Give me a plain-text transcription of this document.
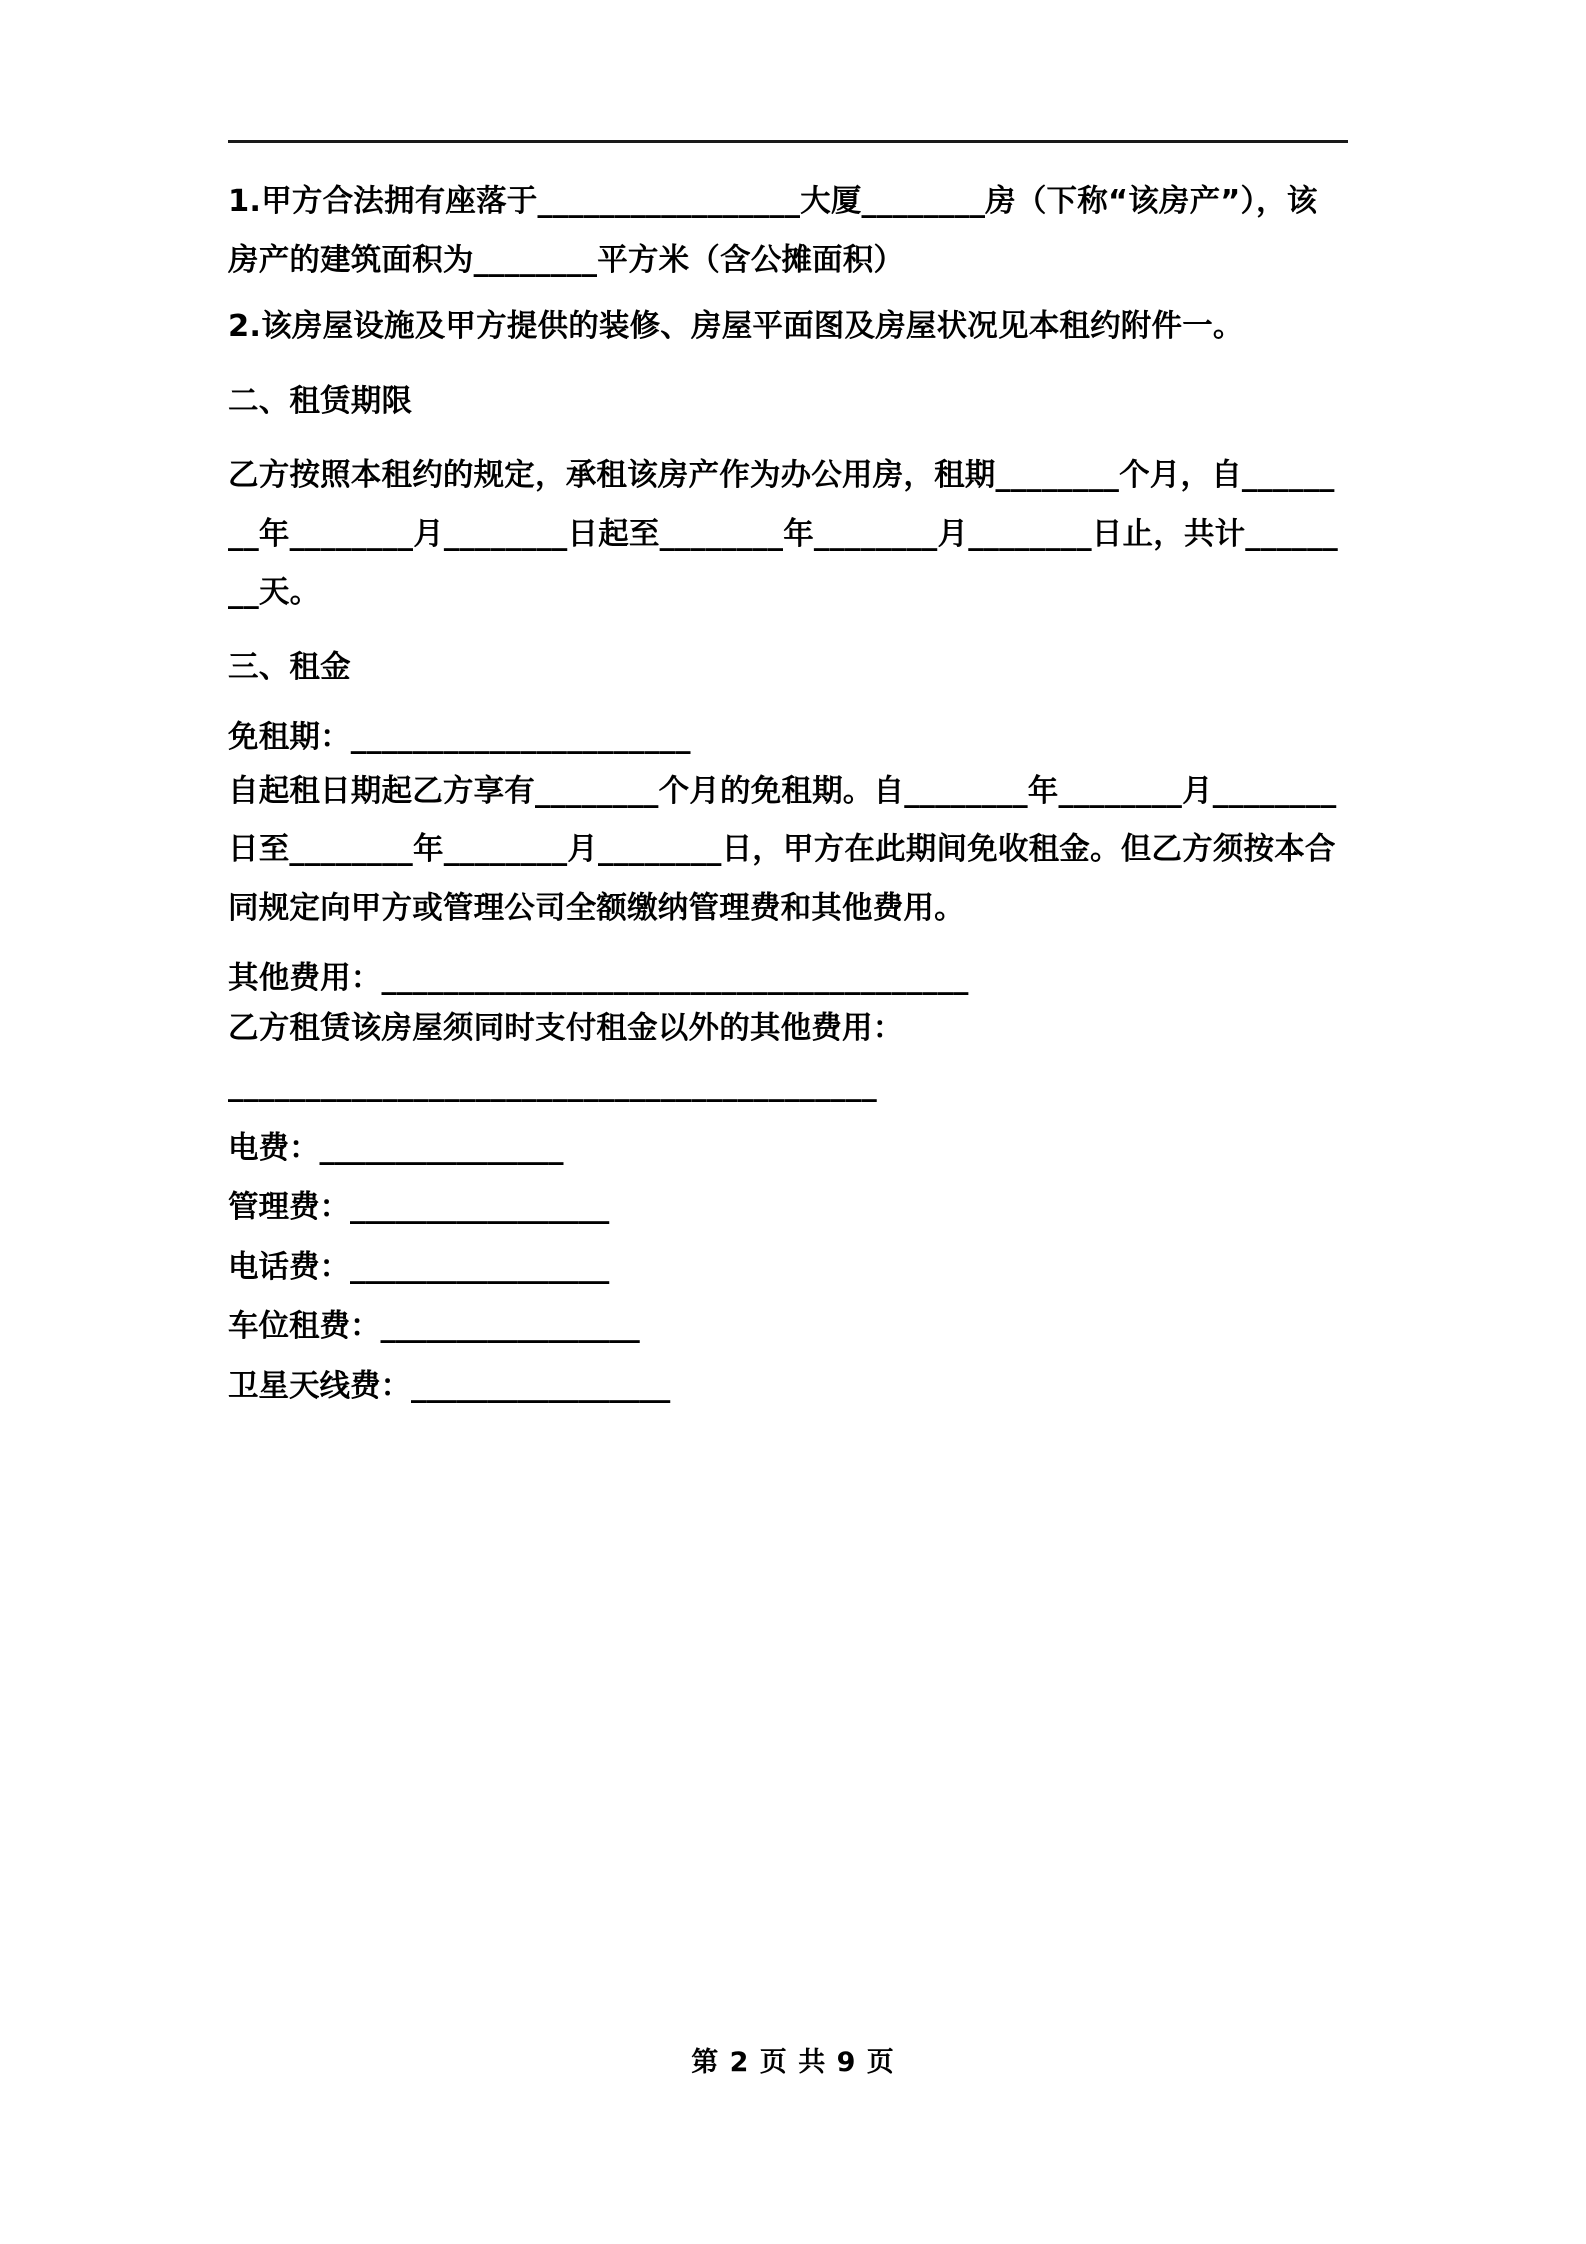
1.甲方合法拥有座落于_________________大厦________房（下称“该房产”），该房产的建筑面积为________平方米（含公摊面积）

2.该房屋设施及甲方提供的装修、房屋平面图及房屋状况见本租约附件一。

二、租赁期限

乙方按照本租约的规定，承租该房产作为办公用房，租期________个月，自________年________月________日起至________年________月________日止，共计________天。

三、租金

免租期：______________________

自起租日期起乙方享有________个月的免租期。自________年________月________日至________年________月________日，甲方在此期间免收租金。但乙方须按本合同规定向甲方或管理公司全额缴纳管理费和其他费用。

其他费用：______________________________________

乙方租赁该房屋须同时支付租金以外的其他费用：

__________________________________________

电费：________________

管理费：_________________

电话费：_________________

车位租费：_________________

卫星天线费：_________________

第 2 页 共 9 页
